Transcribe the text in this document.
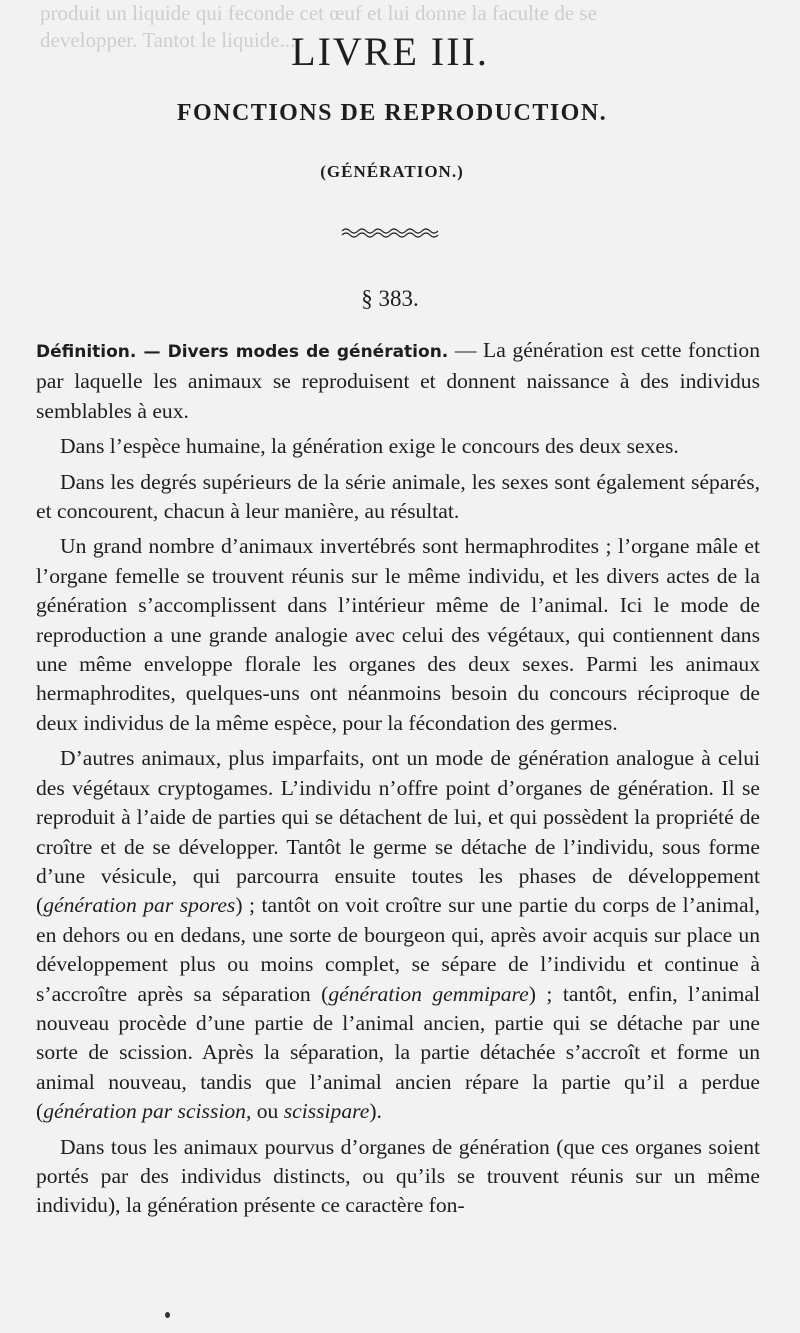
produit un liquide qui feconde cet œuf et lui donne la faculte de se
developper. Tantot le liquide...
LIVRE III.
FONCTIONS DE REPRODUCTION.
(GÉNÉRATION.)
§ 383.

Définition. — Divers modes de génération. — La génération est cette fonction par laquelle les animaux se reproduisent et donnent naissance à des individus semblables à eux.

Dans l’espèce humaine, la génération exige le concours des deux sexes.

Dans les degrés supérieurs de la série animale, les sexes sont également séparés, et concourent, chacun à leur manière, au résultat.

Un grand nombre d’animaux invertébrés sont hermaphrodites ; l’organe mâle et l’organe femelle se trouvent réunis sur le même individu, et les divers actes de la génération s’accomplissent dans l’intérieur même de l’animal. Ici le mode de reproduction a une grande analogie avec celui des végétaux, qui contiennent dans une même enveloppe florale les organes des deux sexes. Parmi les animaux hermaphrodites, quelques-uns ont néanmoins besoin du concours réciproque de deux individus de la même espèce, pour la fécondation des germes.

D’autres animaux, plus imparfaits, ont un mode de génération analogue à celui des végétaux cryptogames. L’individu n’offre point d’organes de génération. Il se reproduit à l’aide de parties qui se détachent de lui, et qui possèdent la propriété de croître et de se développer. Tantôt le germe se détache de l’individu, sous forme d’une vésicule, qui parcourra ensuite toutes les phases de développement (génération par spores) ; tantôt on voit croître sur une partie du corps de l’animal, en dehors ou en dedans, une sorte de bourgeon qui, après avoir acquis sur place un développement plus ou moins complet, se sépare de l’individu et continue à s’accroître après sa séparation (génération gemmipare) ; tantôt, enfin, l’animal nouveau procède d’une partie de l’animal ancien, partie qui se détache par une sorte de scission. Après la séparation, la partie détachée s’accroît et forme un animal nouveau, tandis que l’animal ancien répare la partie qu’il a perdue (génération par scission, ou scissipare).

Dans tous les animaux pourvus d’organes de génération (que ces organes soient portés par des individus distincts, ou qu’ils se trouvent réunis sur un même individu), la génération présente ce caractère fon-
